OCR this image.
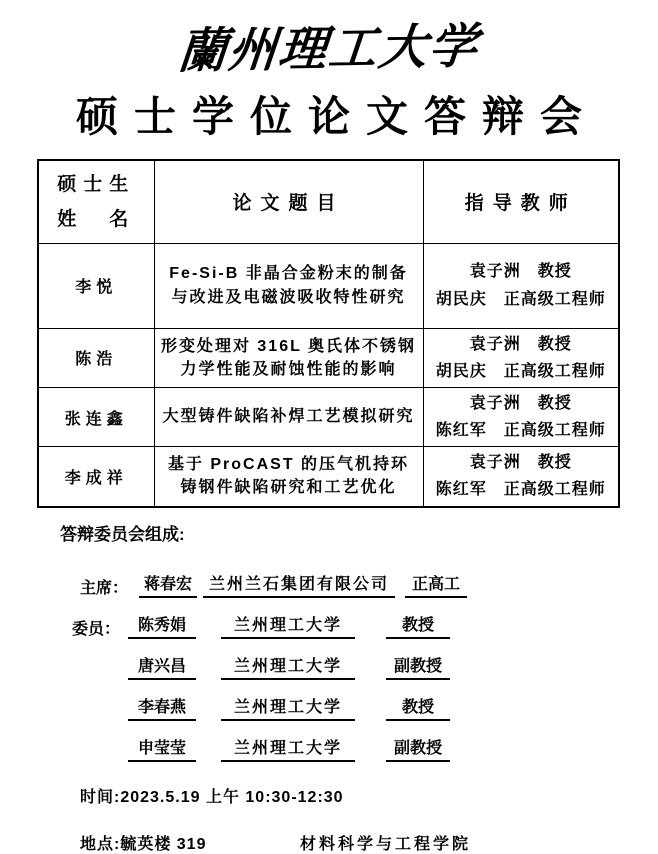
蘭州理工大学
硕士学位论文答辩会
硕士生
姓　名	论文题目	指导教师
李悦	Fe-Si-B 非晶合金粉末的制备与改进及电磁波吸收特性研究	袁子洲　教授
胡民庆　正高级工程师

陈浩	形变处理对 316L 奥氏体不锈钢力学性能及耐蚀性能的影响	袁子洲　教授
胡民庆　正高级工程师

张连鑫	大型铸件缺陷补焊工艺模拟研究	袁子洲　教授
陈红军　正高级工程师

李成祥	基于 ProCAST 的压气机持环铸钢件缺陷研究和工艺优化	袁子洲　教授
陈红军　正高级工程师
答辩委员会组成:
主席： 蒋春宏	兰州兰石集团有限公司	正高工
委员：	陈秀娟	兰州理工大学	教授
唐兴昌	兰州理工大学	副教授
李春燕	兰州理工大学	教授
申莹莹	兰州理工大学	副教授
时间:2023.5.19 上午 10:30-12:30
地点:毓英楼 319	材料科学与工程学院
